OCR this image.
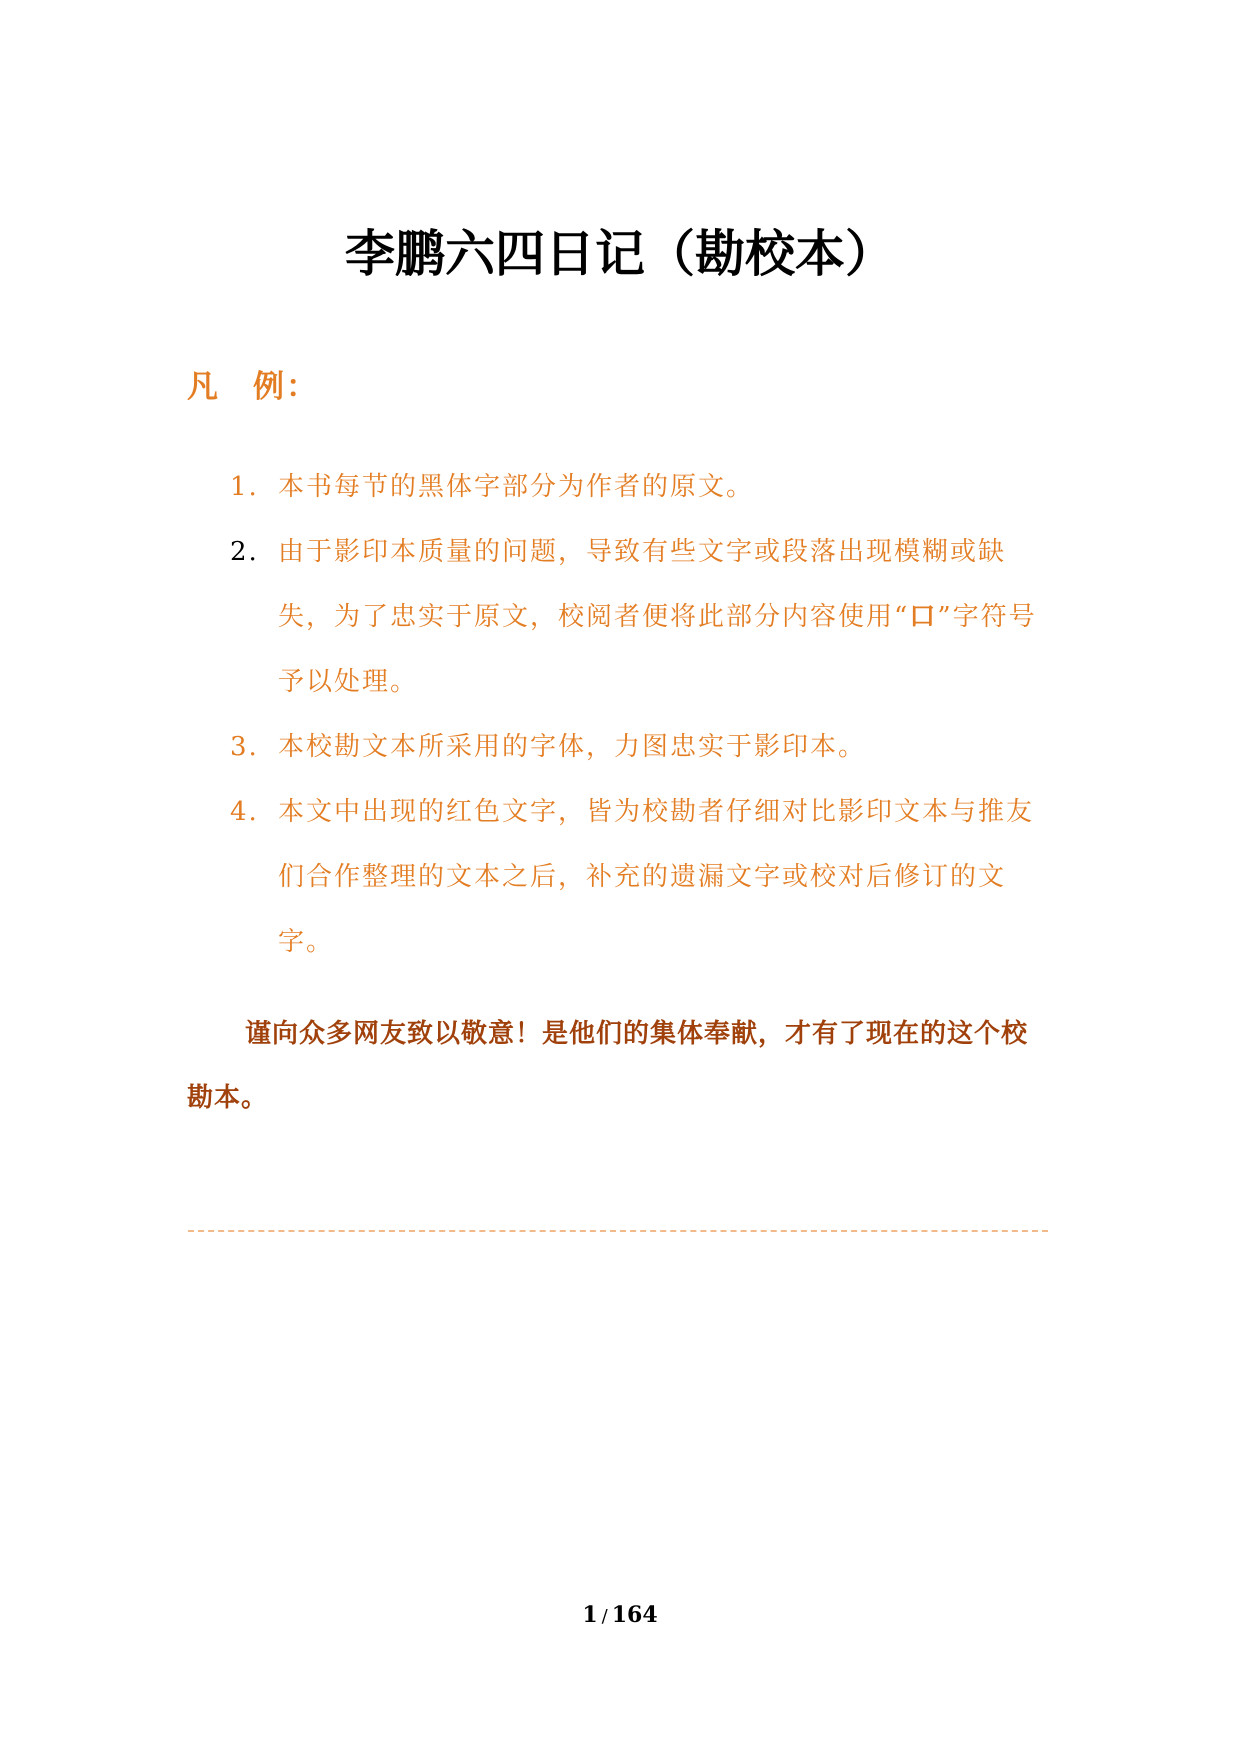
李鹏六四日记（勘校本）
凡　例：
1. 本书每节的黑体字部分为作者的原文。
2. 由于影印本质量的问题，导致有些文字或段落出现模糊或缺失，为了忠实于原文，校阅者便将此部分内容使用“口”字符号予以处理。
3. 本校勘文本所采用的字体，力图忠实于影印本。
4. 本文中出现的红色文字，皆为校勘者仔细对比影印文本与推友们合作整理的文本之后，补充的遗漏文字或校对后修订的文字。

谨向众多网友致以敬意！是他们的集体奉献，才有了现在的这个校勘本。

1 / 164
